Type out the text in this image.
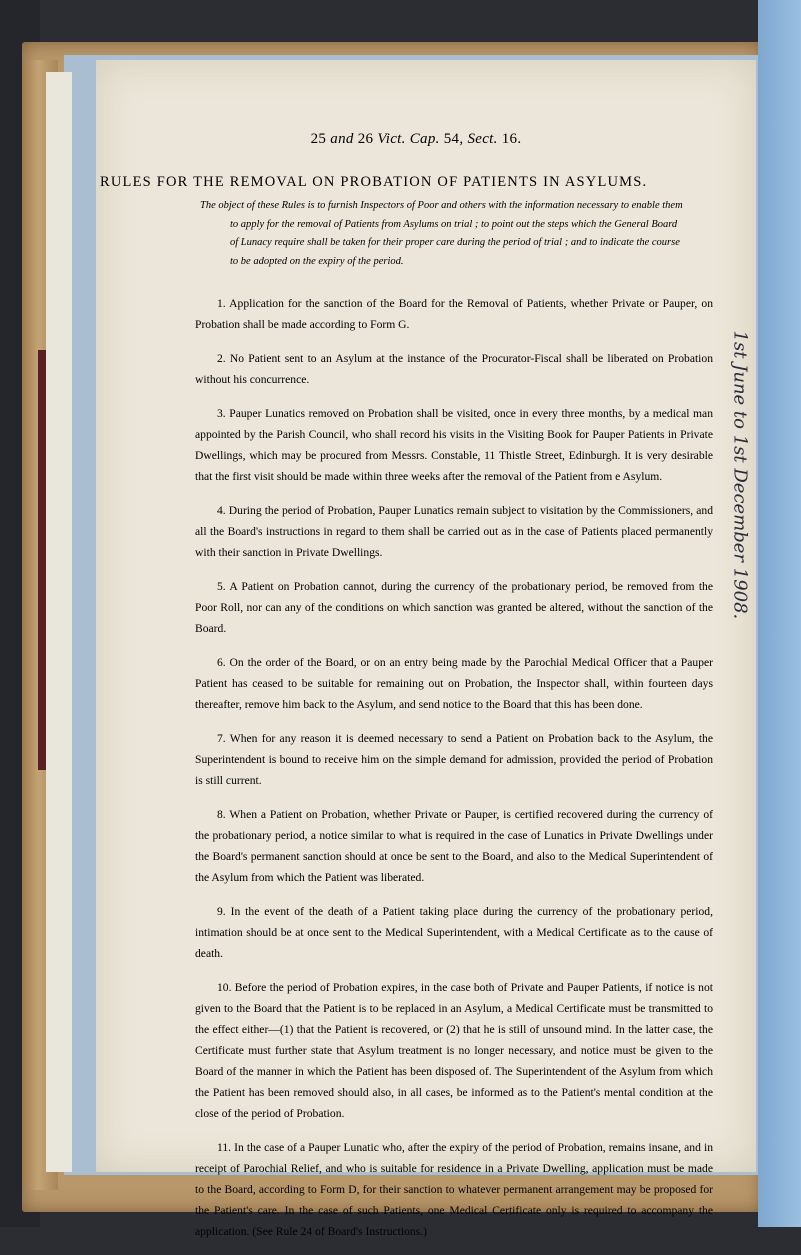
25 and 26 Vict. Cap. 54, Sect. 16.
RULES FOR THE REMOVAL ON PROBATION OF PATIENTS IN ASYLUMS.
The object of these Rules is to furnish Inspectors of Poor and others with the information necessary to enable them
to apply for the removal of Patients from Asylums on trial ; to point out the steps which the General Board
of Lunacy require shall be taken for their proper care during the period of trial ; and to indicate the course
to be adopted on the expiry of the period.

1. Application for the sanction of the Board for the Removal of Patients, whether Private or Pauper, on Probation shall be made according to Form G.

2. No Patient sent to an Asylum at the instance of the Procurator-Fiscal shall be liberated on Probation without his concurrence.

3. Pauper Lunatics removed on Probation shall be visited, once in every three months, by a medical man appointed by the Parish Council, who shall record his visits in the Visiting Book for Pauper Patients in Private Dwellings, which may be procured from Messrs. Constable, 11 Thistle Street, Edinburgh. It is very desirable that the first visit should be made within three weeks after the removal of the Patient from e Asylum.

4. During the period of Probation, Pauper Lunatics remain subject to visitation by the Commissioners, and all the Board's instructions in regard to them shall be carried out as in the case of Patients placed permanently with their sanction in Private Dwellings.

5. A Patient on Probation cannot, during the currency of the probationary period, be removed from the Poor Roll, nor can any of the conditions on which sanction was granted be altered, without the sanction of the Board.

6. On the order of the Board, or on an entry being made by the Parochial Medical Officer that a Pauper Patient has ceased to be suitable for remaining out on Probation, the Inspector shall, within fourteen days thereafter, remove him back to the Asylum, and send notice to the Board that this has been done.

7. When for any reason it is deemed necessary to send a Patient on Probation back to the Asylum, the Superintendent is bound to receive him on the simple demand for admission, provided the period of Probation is still current.

8. When a Patient on Probation, whether Private or Pauper, is certified recovered during the currency of the probationary period, a notice similar to what is required in the case of Lunatics in Private Dwellings under the Board's permanent sanction should at once be sent to the Board, and also to the Medical Superintendent of the Asylum from which the Patient was liberated.

9. In the event of the death of a Patient taking place during the currency of the probationary period, intimation should be at once sent to the Medical Superintendent, with a Medical Certificate as to the cause of death.

10. Before the period of Probation expires, in the case both of Private and Pauper Patients, if notice is not given to the Board that the Patient is to be replaced in an Asylum, a Medical Certificate must be transmitted to the effect either—(1) that the Patient is recovered, or (2) that he is still of unsound mind. In the latter case, the Certificate must further state that Asylum treatment is no longer necessary, and notice must be given to the Board of the manner in which the Patient has been disposed of. The Superintendent of the Asylum from which the Patient has been removed should also, in all cases, be informed as to the Patient's mental condition at the close of the period of Probation.

11. In the case of a Pauper Lunatic who, after the expiry of the period of Probation, remains insane, and in receipt of Parochial Relief, and who is suitable for residence in a Private Dwelling, application must be made to the Board, according to Form D, for their sanction to whatever permanent arrangement may be proposed for the Patient's care. In the case of such Patients, one Medical Certificate only is required to accompany the application. (See Rule 24 of Board's Instructions.)

1st June to 1st December 1908.
